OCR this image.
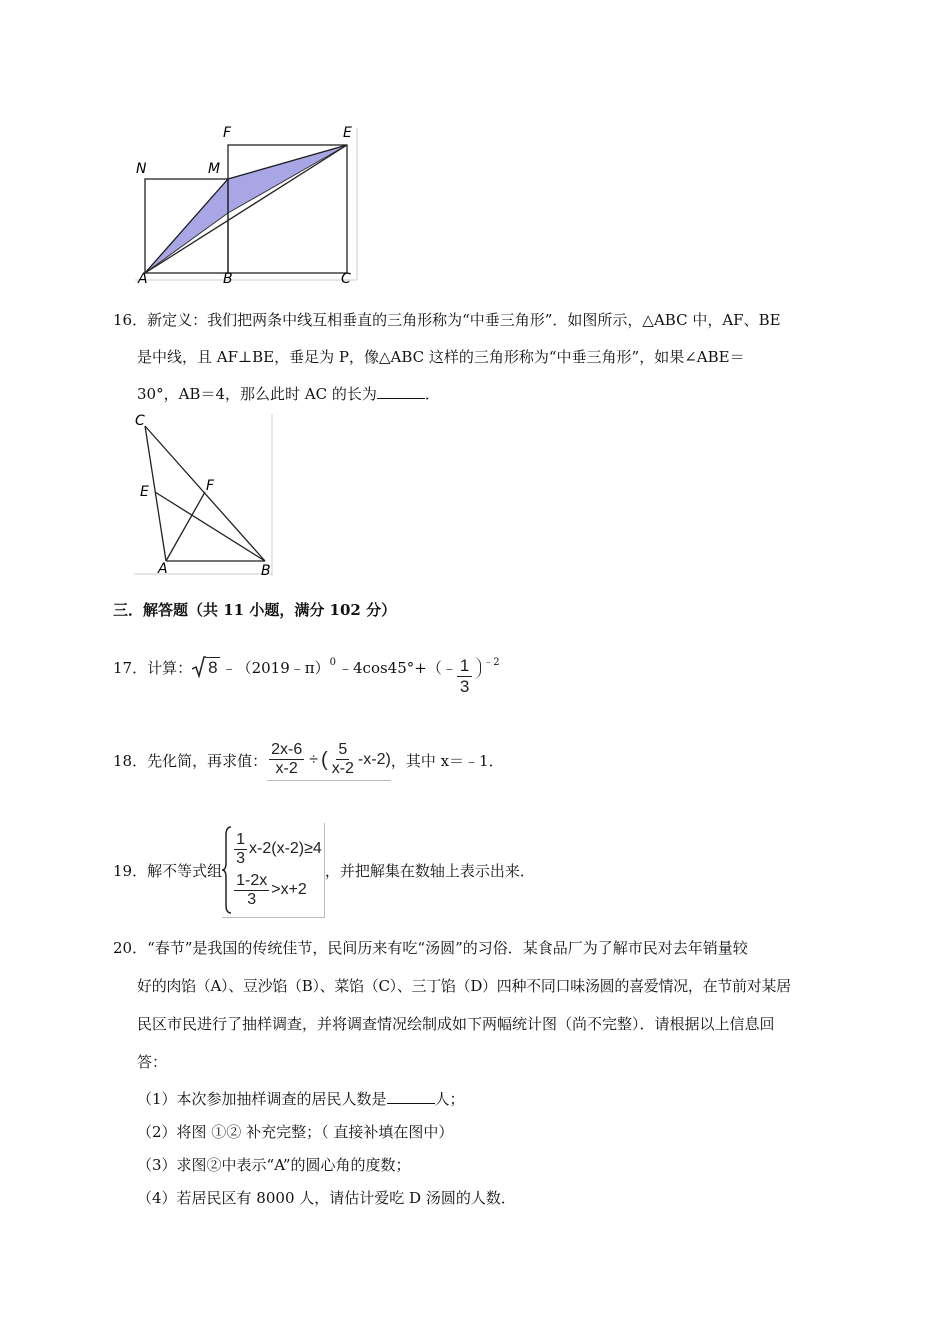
N	M
F	E
A	B	C
16．新定义：我们把两条中线互相垂直的三角形称为“中垂三角形”．如图所示，△ABC 中，AF、BE
是中线，且 AF⊥BE，垂足为 P，像△ABC 这样的三角形称为“中垂三角形”，如果∠ABE＝
30°，AB＝4，那么此时 AC 的长为	．
C
E	F
A	B
三．解答题（共 11 小题，满分 102 分）
17． 计算： 8 ﹣（2019﹣π）$^0$ ﹣4cos45°+（﹣ $\frac{1}{3} ^{﹣2}$
18． 先化简，再求值： $\frac{2x-6}{x-2}$ ÷ ( $\frac{5}{x-2} -x-2$) ，其中 x＝﹣1．
19． 解不等式组
$\frac{1}{3} x-2(x-2)\ge 4$
$\frac{1-2x}{3} >x+2$
，并把解集在数轴上表示出来．
20．“春节”是我国的传统佳节，民间历来有吃“汤圆”的习俗．某食品厂为了解市民对去年销量较
好的肉馅（A）、豆沙馅（B）、菜馅（C）、三丁馅（D）四种不同口味汤圆的喜爱情况，在节前对某居
民区市民进行了抽样调查，并将调查情况绘制成如下两幅统计图（尚不完整）．请根据以上信息回
答：
（1）本次参加抽样调查的居民人数是	人；
（2）将图 ①② 补充完整；（ 直接补填在图中）
（3）求图②中表示“A”的圆心角的度数；
（4）若居民区有 8000 人，请估计爱吃 D 汤圆的人数．
